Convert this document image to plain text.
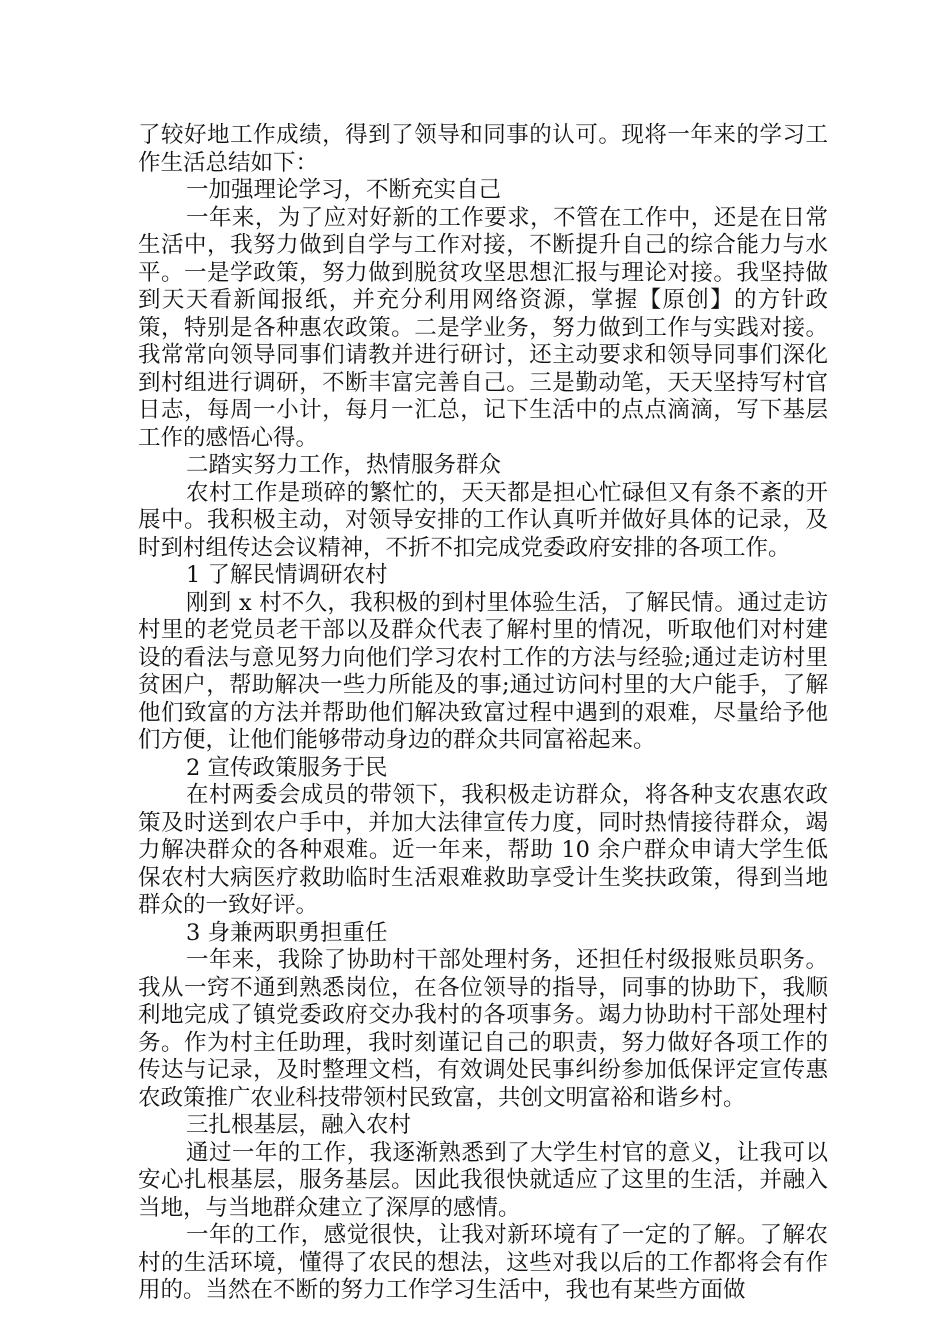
了较好地工作成绩，得到了领导和同事的认可。现将一年来的学习工作生活总结如下：

一加强理论学习，不断充实自己

一年来，为了应对好新的工作要求，不管在工作中，还是在日常生活中，我努力做到自学与工作对接，不断提升自己的综合能力与水平。一是学政策，努力做到脱贫攻坚思想汇报与理论对接。我坚持做到天天看新闻报纸，并充分利用网络资源，掌握【原创】的方针政策，特别是各种惠农政策。二是学业务，努力做到工作与实践对接。我常常向领导同事们请教并进行研讨，还主动要求和领导同事们深化到村组进行调研，不断丰富完善自己。三是勤动笔，天天坚持写村官日志，每周一小计，每月一汇总，记下生活中的点点滴滴，写下基层工作的感悟心得。

二踏实努力工作，热情服务群众

农村工作是琐碎的繁忙的，天天都是担心忙碌但又有条不紊的开展中。我积极主动，对领导安排的工作认真听并做好具体的记录，及时到村组传达会议精神，不折不扣完成党委政府安排的各项工作。

1 了解民情调研农村

刚到 x 村不久，我积极的到村里体验生活，了解民情。通过走访村里的老党员老干部以及群众代表了解村里的情况，听取他们对村建设的看法与意见努力向他们学习农村工作的方法与经验;通过走访村里贫困户，帮助解决一些力所能及的事;通过访问村里的大户能手，了解他们致富的方法并帮助他们解决致富过程中遇到的艰难，尽量给予他们方便，让他们能够带动身边的群众共同富裕起来。

2 宣传政策服务于民

在村两委会成员的带领下，我积极走访群众，将各种支农惠农政策及时送到农户手中，并加大法律宣传力度，同时热情接待群众，竭力解决群众的各种艰难。近一年来，帮助 10 余户群众申请大学生低保农村大病医疗救助临时生活艰难救助享受计生奖扶政策，得到当地群众的一致好评。

3 身兼两职勇担重任

一年来，我除了协助村干部处理村务，还担任村级报账员职务。我从一窍不通到熟悉岗位，在各位领导的指导，同事的协助下，我顺利地完成了镇党委政府交办我村的各项事务。竭力协助村干部处理村务。作为村主任助理，我时刻谨记自己的职责，努力做好各项工作的传达与记录，及时整理文档，有效调处民事纠纷参加低保评定宣传惠农政策推广农业科技带领村民致富，共创文明富裕和谐乡村。

三扎根基层，融入农村

通过一年的工作，我逐渐熟悉到了大学生村官的意义，让我可以安心扎根基层，服务基层。因此我很快就适应了这里的生活，并融入当地，与当地群众建立了深厚的感情。

一年的工作，感觉很快，让我对新环境有了一定的了解。了解农村的生活环境，懂得了农民的想法，这些对我以后的工作都将会有作用的。当然在不断的努力工作学习生活中，我也有某些方面做
